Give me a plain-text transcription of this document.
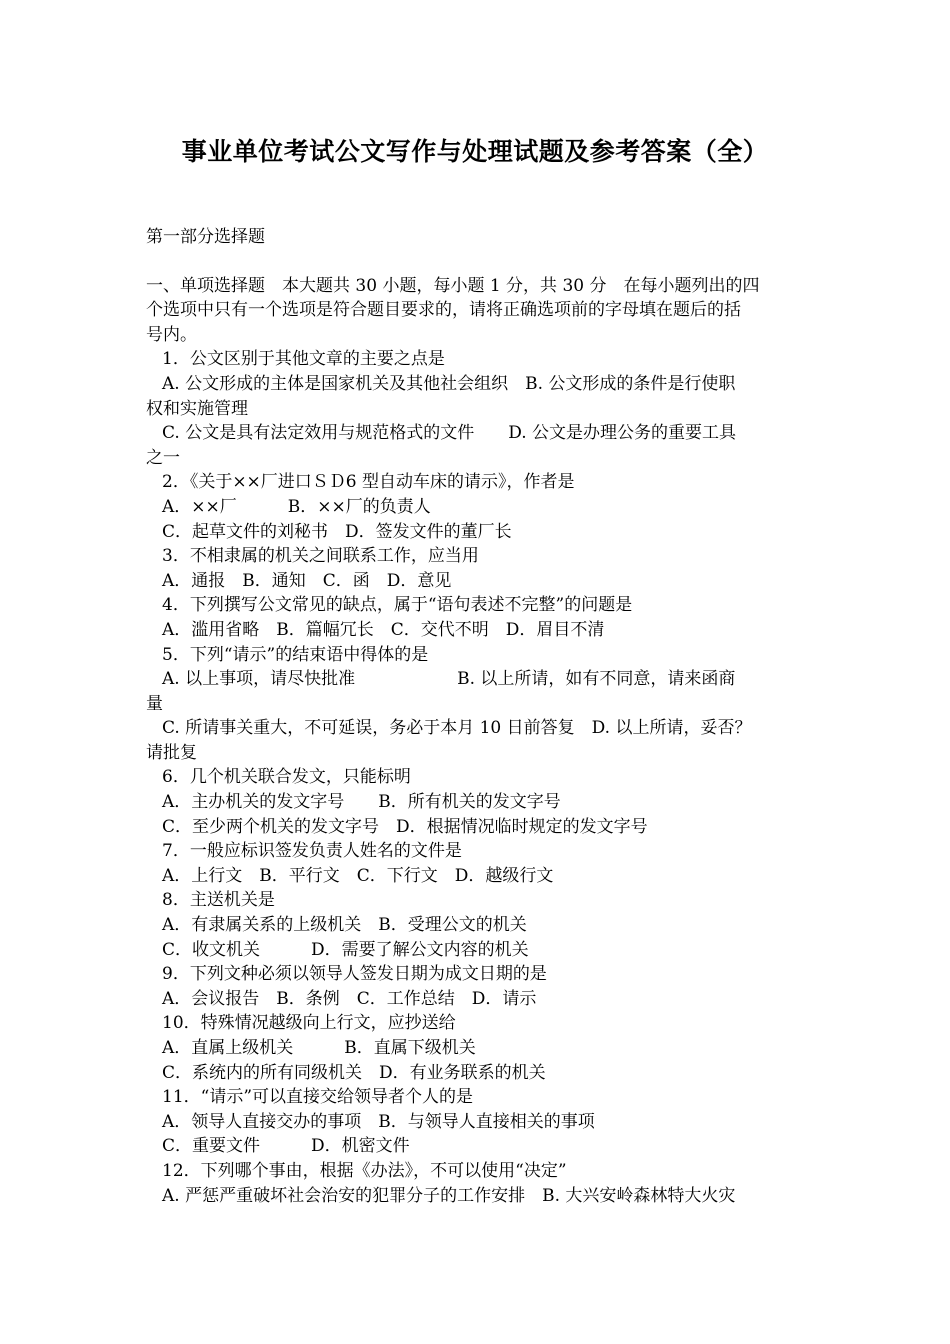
事业单位考试公文写作与处理试题及参考答案（全）
第一部分选择题
一、单项选择题　本大题共 30 小题，每小题 1 分，共 30 分　在每小题列出的四
个选项中只有一个选项是符合题目要求的，请将正确选项前的字母填在题后的括
号内。
1．公文区别于其他文章的主要之点是
A. 公文形成的主体是国家机关及其他社会组织　B. 公文形成的条件是行使职
权和实施管理
C. 公文是具有法定效用与规范格式的文件　　D. 公文是办理公务的重要工具
之一
2．《关于××厂进口ＳＤ6 型自动车床的请示》，作者是
A．××厂　　　B．××厂的负责人
C．起草文件的刘秘书　D．签发文件的董厂长
3．不相隶属的机关之间联系工作，应当用
A．通报　B．通知　C．函　D．意见
4．下列撰写公文常见的缺点，属于“语句表述不完整”的问题是
A．滥用省略　B．篇幅冗长　C．交代不明　D．眉目不清
5．下列“请示”的结束语中得体的是
A. 以上事项，请尽快批准　　　　　　B. 以上所请，如有不同意，请来函商
量
C. 所请事关重大，不可延误，务必于本月 10 日前答复　D. 以上所请，妥否？
请批复
6．几个机关联合发文，只能标明
A．主办机关的发文字号　　B．所有机关的发文字号
C．至少两个机关的发文字号　D．根据情况临时规定的发文字号
7．一般应标识签发负责人姓名的文件是
A．上行文　B．平行文　C．下行文　D．越级行文
8．主送机关是
A．有隶属关系的上级机关　B．受理公文的机关
C．收文机关　　　D．需要了解公文内容的机关
9．下列文种必须以领导人签发日期为成文日期的是
A．会议报告　B．条例　C．工作总结　D．请示
10．特殊情况越级向上行文，应抄送给
A．直属上级机关　　　B．直属下级机关
C．系统内的所有同级机关　D．有业务联系的机关
11．“请示”可以直接交给领导者个人的是
A．领导人直接交办的事项　B．与领导人直接相关的事项
C．重要文件　　　D．机密文件
12．下列哪个事由，根据《办法》，不可以使用“决定”
A. 严惩严重破坏社会治安的犯罪分子的工作安排　B. 大兴安岭森林特大火灾
